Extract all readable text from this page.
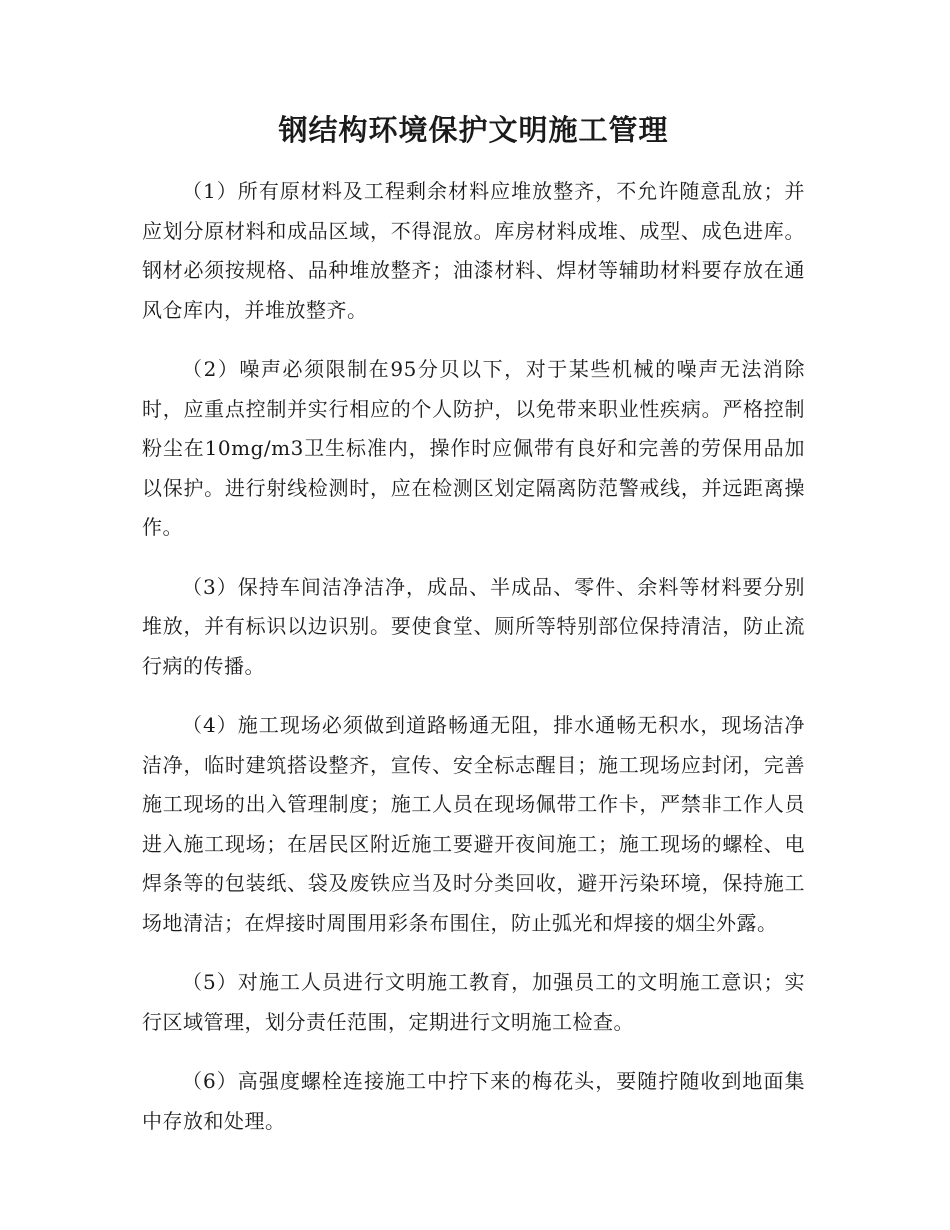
钢结构环境保护文明施工管理

（1）所有原材料及工程剩余材料应堆放整齐，不允许随意乱放；并应划分原材料和成品区域，不得混放。库房材料成堆、成型、成色进库。钢材必须按规格、品种堆放整齐；油漆材料、焊材等辅助材料要存放在通风仓库内，并堆放整齐。

（2）噪声必须限制在95分贝以下，对于某些机械的噪声无法消除时，应重点控制并实行相应的个人防护，以免带来职业性疾病。严格控制粉尘在10mg/m3卫生标准内，操作时应佩带有良好和完善的劳保用品加以保护。进行射线检测时，应在检测区划定隔离防范警戒线，并远距离操作。

（3）保持车间洁净洁净，成品、半成品、零件、余料等材料要分别堆放，并有标识以边识别。要使食堂、厕所等特别部位保持清洁，防止流行病的传播。

（4）施工现场必须做到道路畅通无阻，排水通畅无积水，现场洁净洁净，临时建筑搭设整齐，宣传、安全标志醒目；施工现场应封闭，完善施工现场的出入管理制度；施工人员在现场佩带工作卡，严禁非工作人员进入施工现场；在居民区附近施工要避开夜间施工；施工现场的螺栓、电焊条等的包装纸、袋及废铁应当及时分类回收，避开污染环境，保持施工场地清洁；在焊接时周围用彩条布围住，防止弧光和焊接的烟尘外露。

（5）对施工人员进行文明施工教育，加强员工的文明施工意识；实行区域管理，划分责任范围，定期进行文明施工检查。

（6）高强度螺栓连接施工中拧下来的梅花头，要随拧随收到地面集中存放和处理。
